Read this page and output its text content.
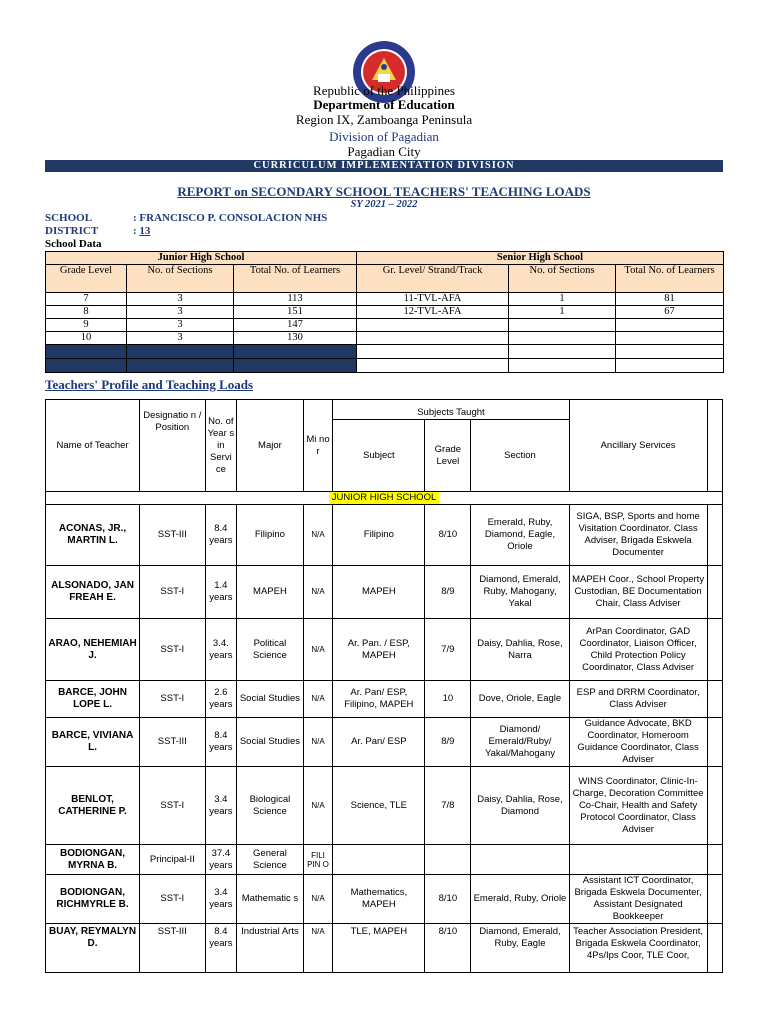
Republic of the Philippines
Department of Education
Region IX, Zamboanga Peninsula
Division of Pagadian
Pagadian City
CURRICULUM IMPLEMENTATION DIVISION
REPORT on SECONDARY SCHOOL TEACHERS' TEACHING LOADS
SY 2021 – 2022
SCHOOL	: FRANCISCO P. CONSOLACION NHS
DISTRICT	: 13
School Data
Junior High School			Senior High School		
Grade Level	No. of Sections	Total No. of Learners	Gr. Level/ Strand/Track	No. of Sections	Total No. of Learners
7	3	113	11-TVL-AFA	1	81
8	3	151	12-TVL-AFA	1	67
9	3	147			
10	3	130			

Teachers' Profile and Teaching Loads
Name of Teacher	Designatio n / Position	No. of Year s in Servi ce	Major	Mi no r	Subjects Taught			Ancillary Services	
					Subject	Grade Level	Section		
JUNIOR HIGH SCHOOL									
ACONAS, JR., MARTIN L.	SST-III	8.4 years	Filipino	N/A	Filipino	8/10	Emerald, Ruby, Diamond, Eagle, Oriole	SIGA, BSP, Sports and home Visitation Coordinator. Class Adviser, Brigada Eskwela Documenter	
ALSONADO, JAN FREAH E.	SST-I	1.4 years	MAPEH	N/A	MAPEH	8/9	Diamond, Emerald, Ruby, Mahogany, Yakal	MAPEH Coor., School Property Custodian, BE Documentation Chair, Class Adviser	
ARAO, NEHEMIAH J.	SST-I	3.4. years	Political Science	N/A	Ar. Pan. / ESP, MAPEH	7/9	Daisy, Dahlia, Rose, Narra	ArPan Coordinator, GAD Coordinator, Liaison Officer, Child Protection Policy Coordinator, Class Adviser	
BARCE, JOHN LOPE L.	SST-I	2.6 years	Social Studies	N/A	Ar. Pan/ ESP, Filipino, MAPEH	10	Dove, Oriole, Eagle	ESP and DRRM Coordinator, Class Adviser	
BARCE, VIVIANA L.	SST-III	8.4 years	Social Studies	N/A	Ar. Pan/ ESP	8/9	Diamond/ Emerald/Ruby/ Yakal/Mahogany	Guidance Advocate, BKD Coordinator, Homeroom Guidance Coordinator, Class Adviser	
BENLOT, CATHERINE P.	SST-I	3.4 years	Biological Science	N/A	Science, TLE	7/8	Daisy, Dahlia, Rose, Diamond	WINS Coordinator, Clinic-In-Charge, Decoration Committee Co-Chair, Health and Safety Protocol Coordinator, Class Adviser	
BODIONGAN, MYRNA B.	Principal-II	37.4 years	General Science	FILI PIN O					
BODIONGAN, RICHMYRLE B.	SST-I	3.4 years	Mathematic s	N/A	Mathematics, MAPEH	8/10	Emerald, Ruby, Oriole	Assistant ICT Coordinator, Brigada Eskwela Documenter, Assistant Designated Bookkeeper	
BUAY, REYMALYN D.	SST-III	8.4 years	Industrial Arts	N/A	TLE, MAPEH	8/10	Diamond, Emerald, Ruby, Eagle	Teacher Association President, Brigada Eskwela Coordinator, 4Ps/Ips Coor, TLE Coor,	
